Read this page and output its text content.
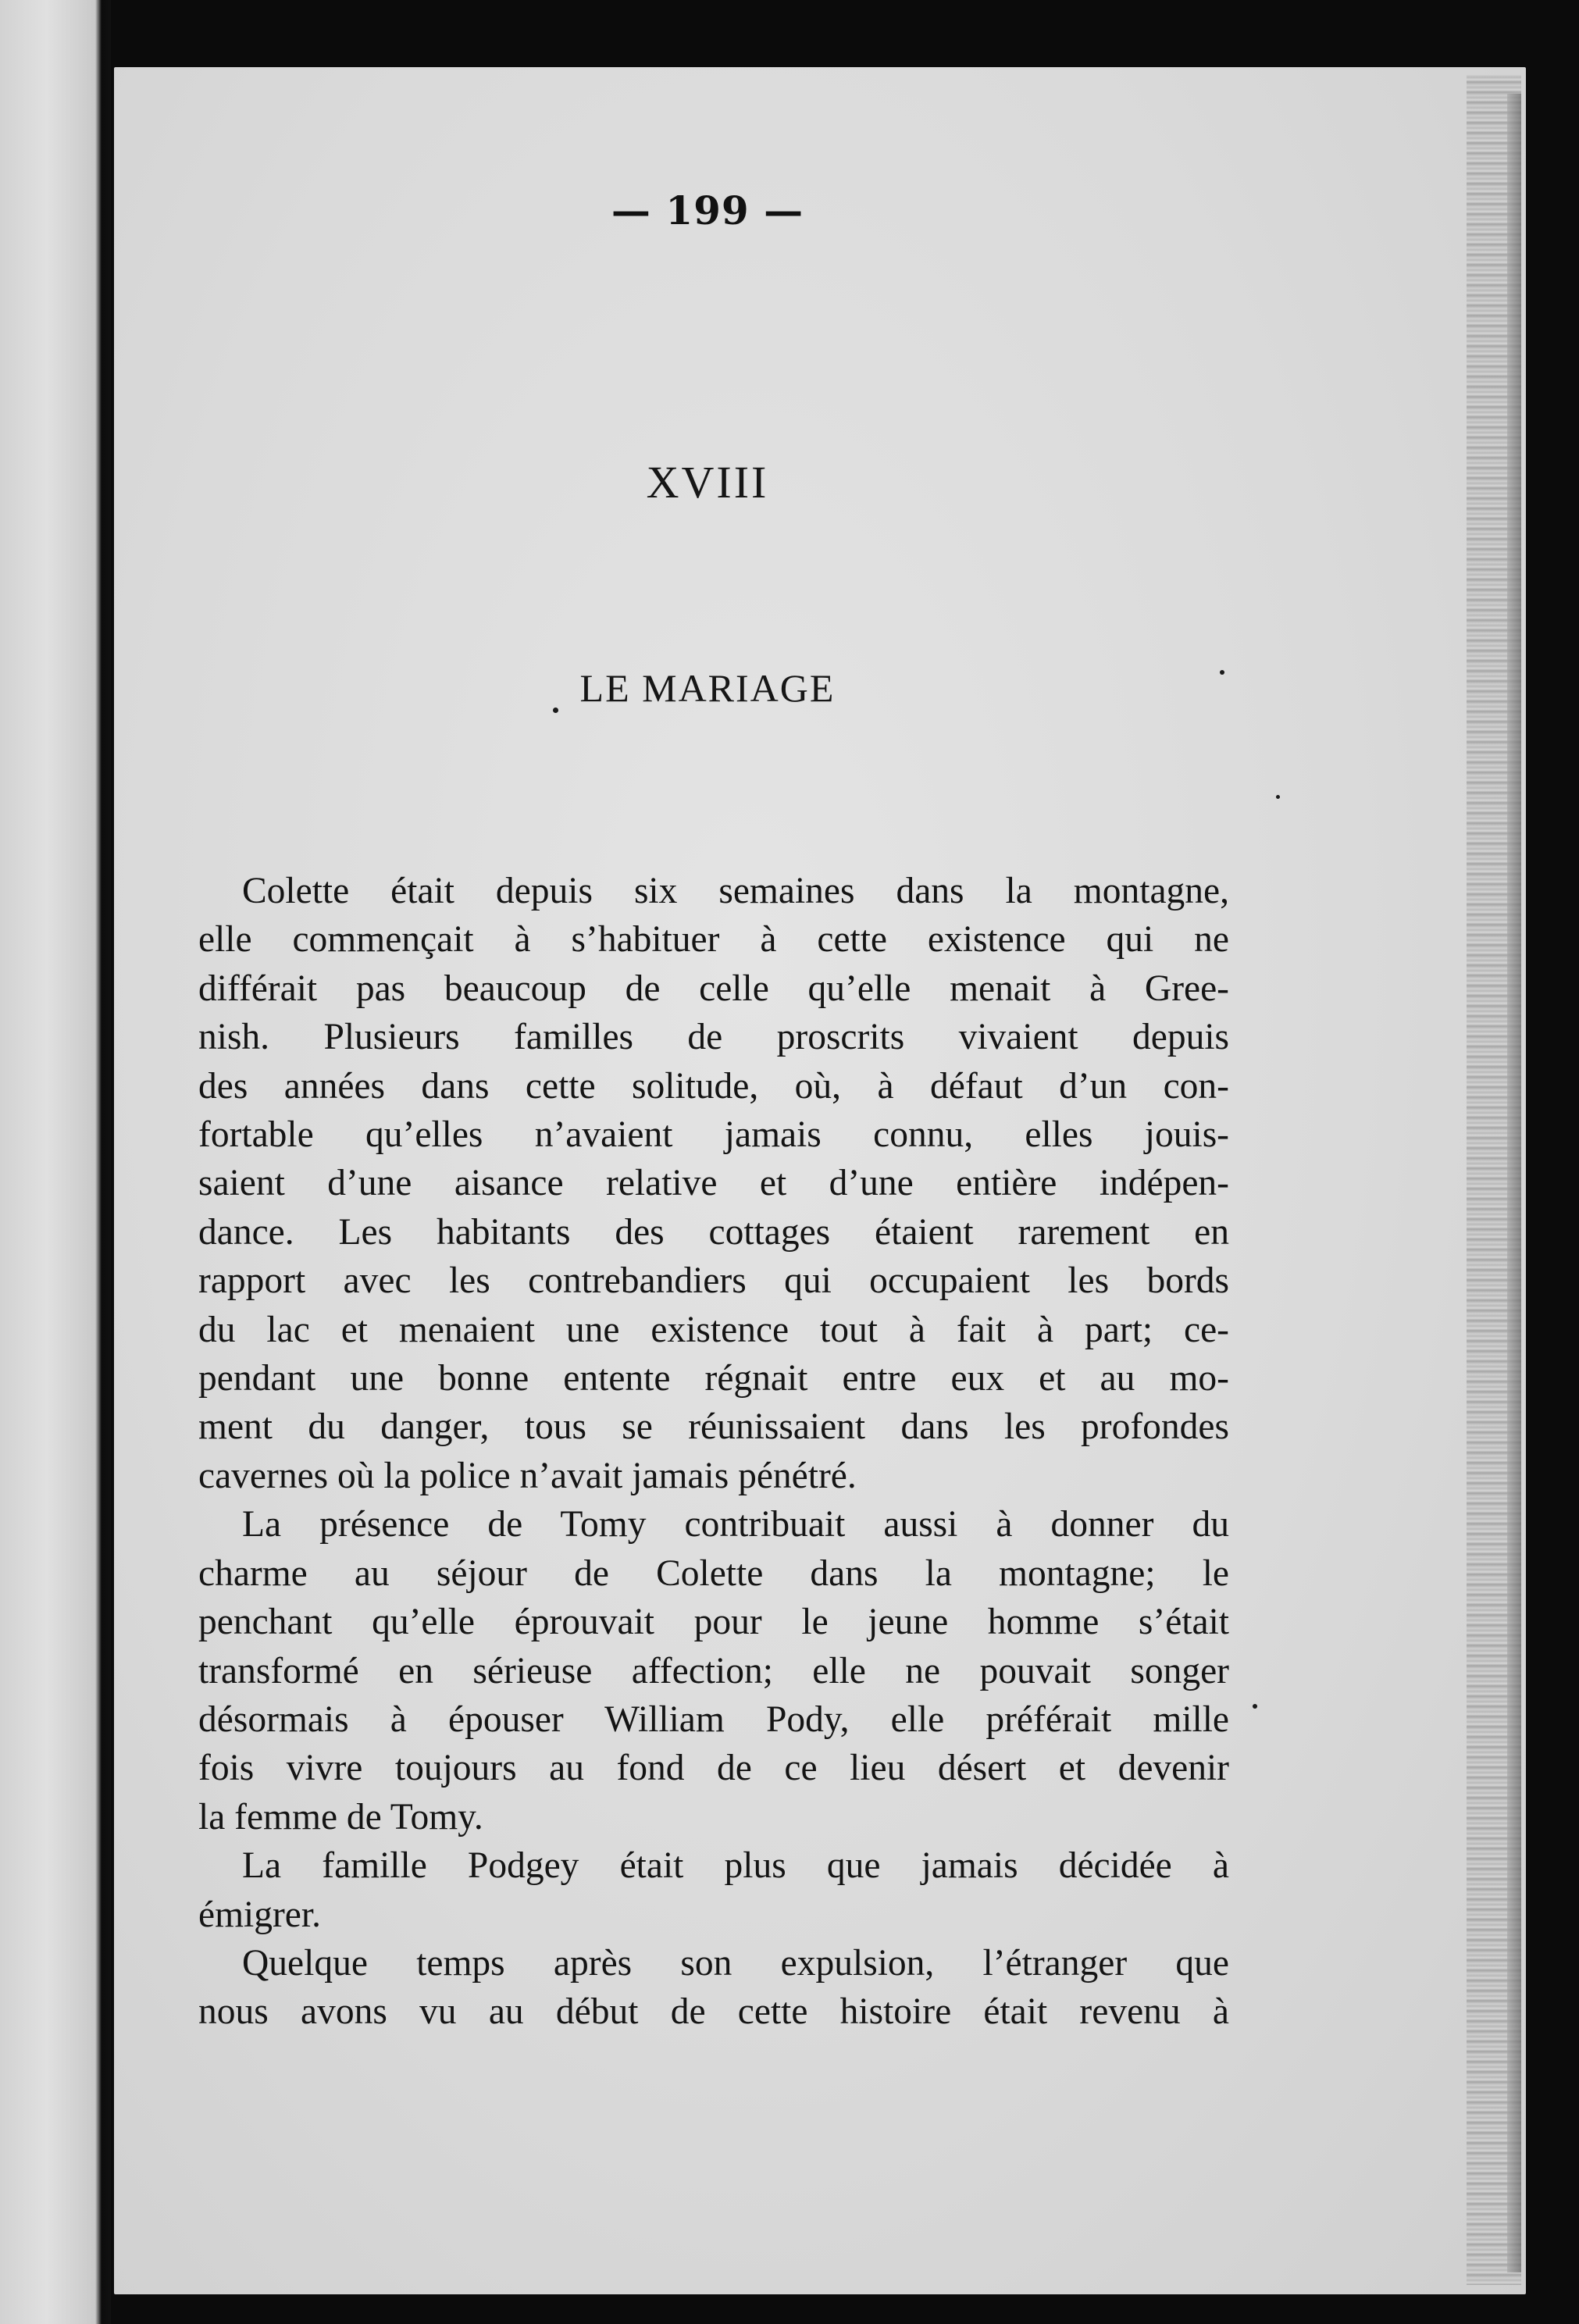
— 199 —
XVIII
LE MARIAGE
Colette était depuis six semaines dans la montagne,
elle commençait à s’habituer à cette existence qui ne
différait pas beaucoup de celle qu’elle menait à Gree-
nish. Plusieurs familles de proscrits vivaient depuis
des années dans cette solitude, où, à défaut d’un con-
fortable qu’elles n’avaient jamais connu, elles jouis-
saient d’une aisance relative et d’une entière indépen-
dance. Les habitants des cottages étaient rarement en
rapport avec les contrebandiers qui occupaient les bords
du lac et menaient une existence tout à fait à part; ce-
pendant une bonne entente régnait entre eux et au mo-
ment du danger, tous se réunissaient dans les profondes
cavernes où la police n’avait jamais pénétré.
La présence de Tomy contribuait aussi à donner du
charme au séjour de Colette dans la montagne; le
penchant qu’elle éprouvait pour le jeune homme s’était
transformé en sérieuse affection; elle ne pouvait songer
désormais à épouser William Pody, elle préférait mille
fois vivre toujours au fond de ce lieu désert et devenir
la femme de Tomy.
La famille Podgey était plus que jamais décidée à
émigrer.
Quelque temps après son expulsion, l’étranger que
nous avons vu au début de cette histoire était revenu à
